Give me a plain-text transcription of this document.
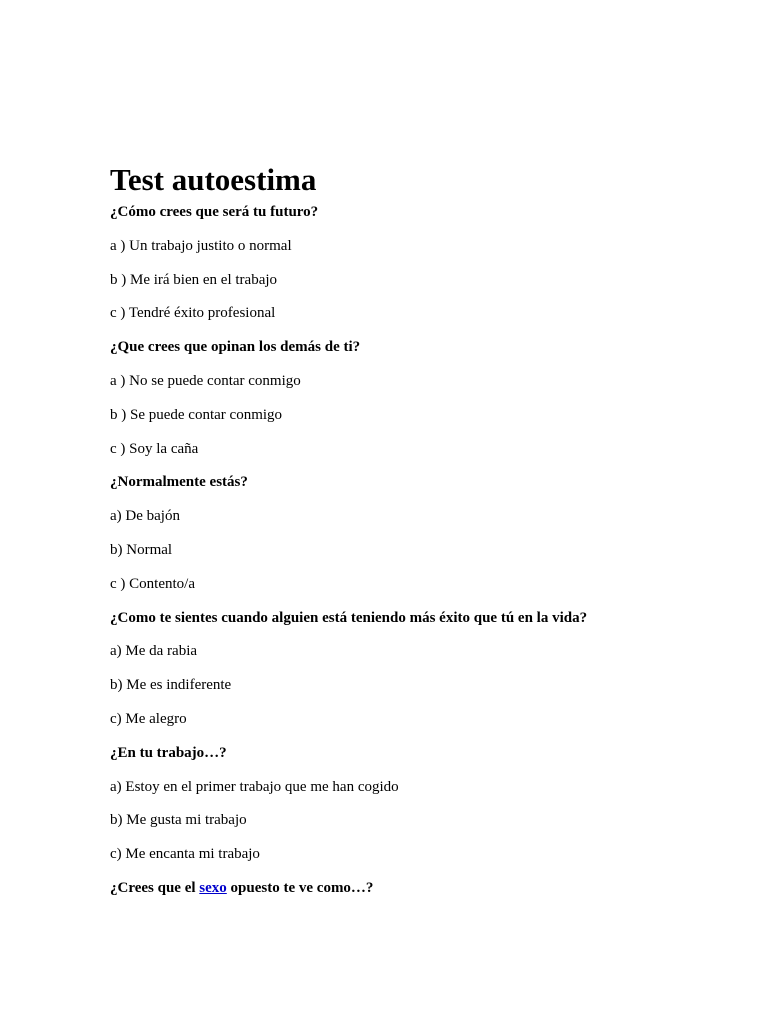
Test autoestima
¿Cómo crees que será tu futuro?
a ) Un trabajo justito o normal
b ) Me irá bien en el trabajo
c ) Tendré éxito profesional
¿Que crees que opinan los demás de ti?
a ) No se puede contar conmigo
b ) Se puede contar conmigo
c ) Soy la caña
¿Normalmente estás?
a) De bajón
b) Normal
c ) Contento/a
¿Como te sientes cuando alguien está teniendo más éxito que tú en la vida?
a) Me da rabia
b) Me es indiferente
c) Me alegro
¿En tu trabajo…?
a) Estoy en el primer trabajo que me han cogido
b) Me gusta mi trabajo
c) Me encanta mi trabajo
¿Crees que el sexo opuesto te ve como…?
